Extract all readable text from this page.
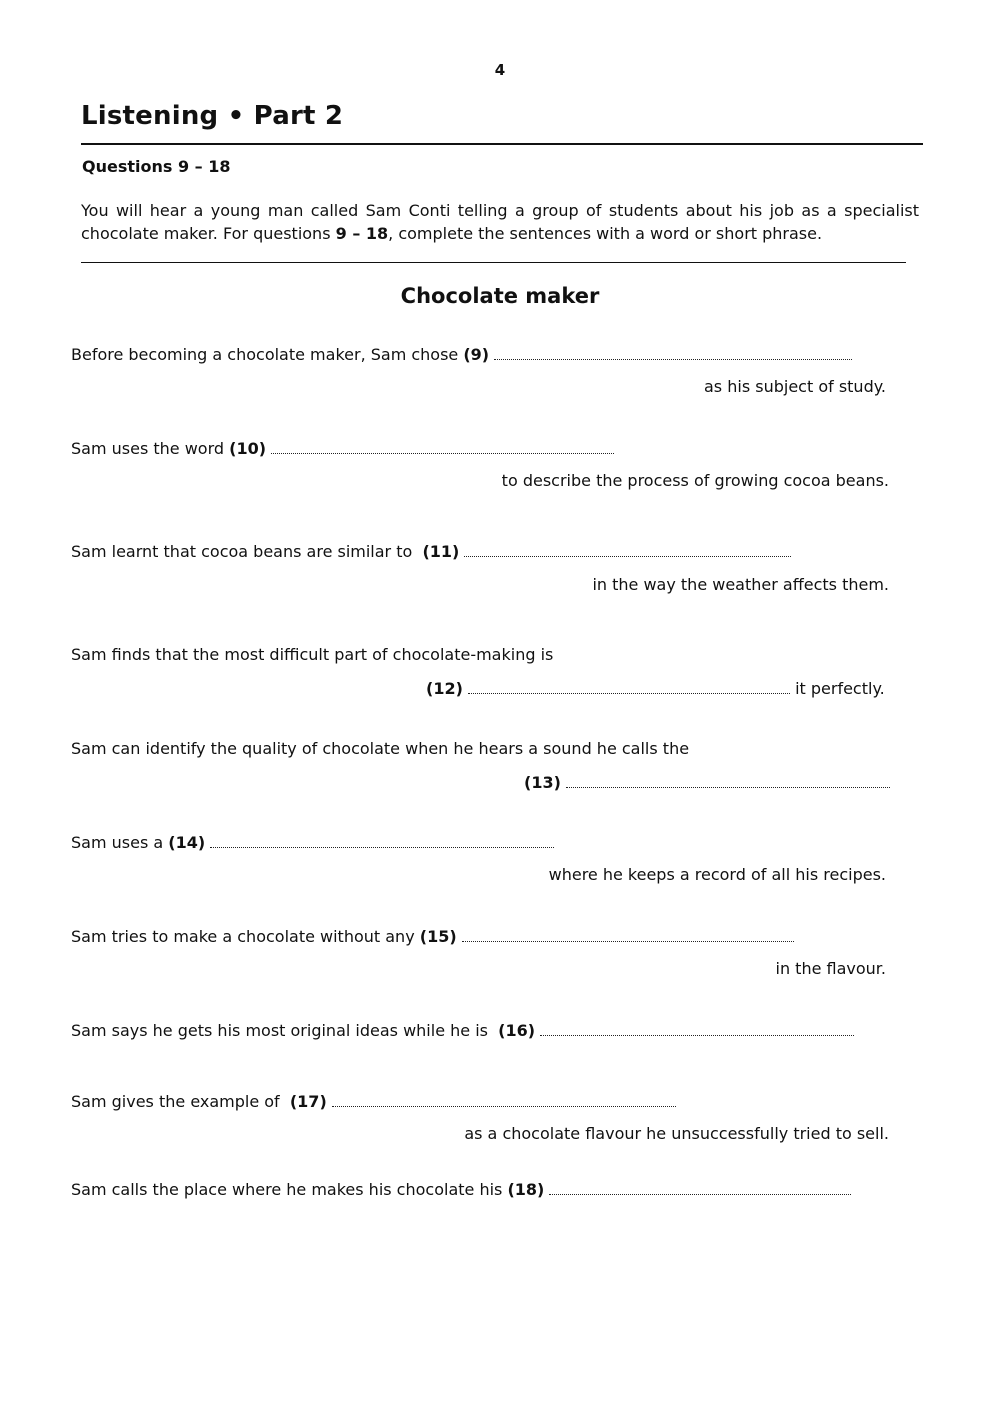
4
Listening • Part 2
Questions 9 – 18
You will hear a young man called Sam Conti telling a group of students about his job as a specialist chocolate maker. For questions 9 – 18, complete the sentences with a word or short phrase.
Chocolate maker
Before becoming a chocolate maker, Sam chose (9)
as his subject of study.
Sam uses the word (10)
to describe the process of growing cocoa beans.
Sam learnt that cocoa beans are similar to  (11)
in the way the weather affects them.
Sam finds that the most difficult part of chocolate-making is
(12)	it perfectly.
Sam can identify the quality of chocolate when he hears a sound he calls the
(13)
Sam uses a (14)
where he keeps a record of all his recipes.
Sam tries to make a chocolate without any (15)
in the flavour.
Sam says he gets his most original ideas while he is  (16)
Sam gives the example of  (17)
as a chocolate flavour he unsuccessfully tried to sell.
Sam calls the place where he makes his chocolate his (18)
